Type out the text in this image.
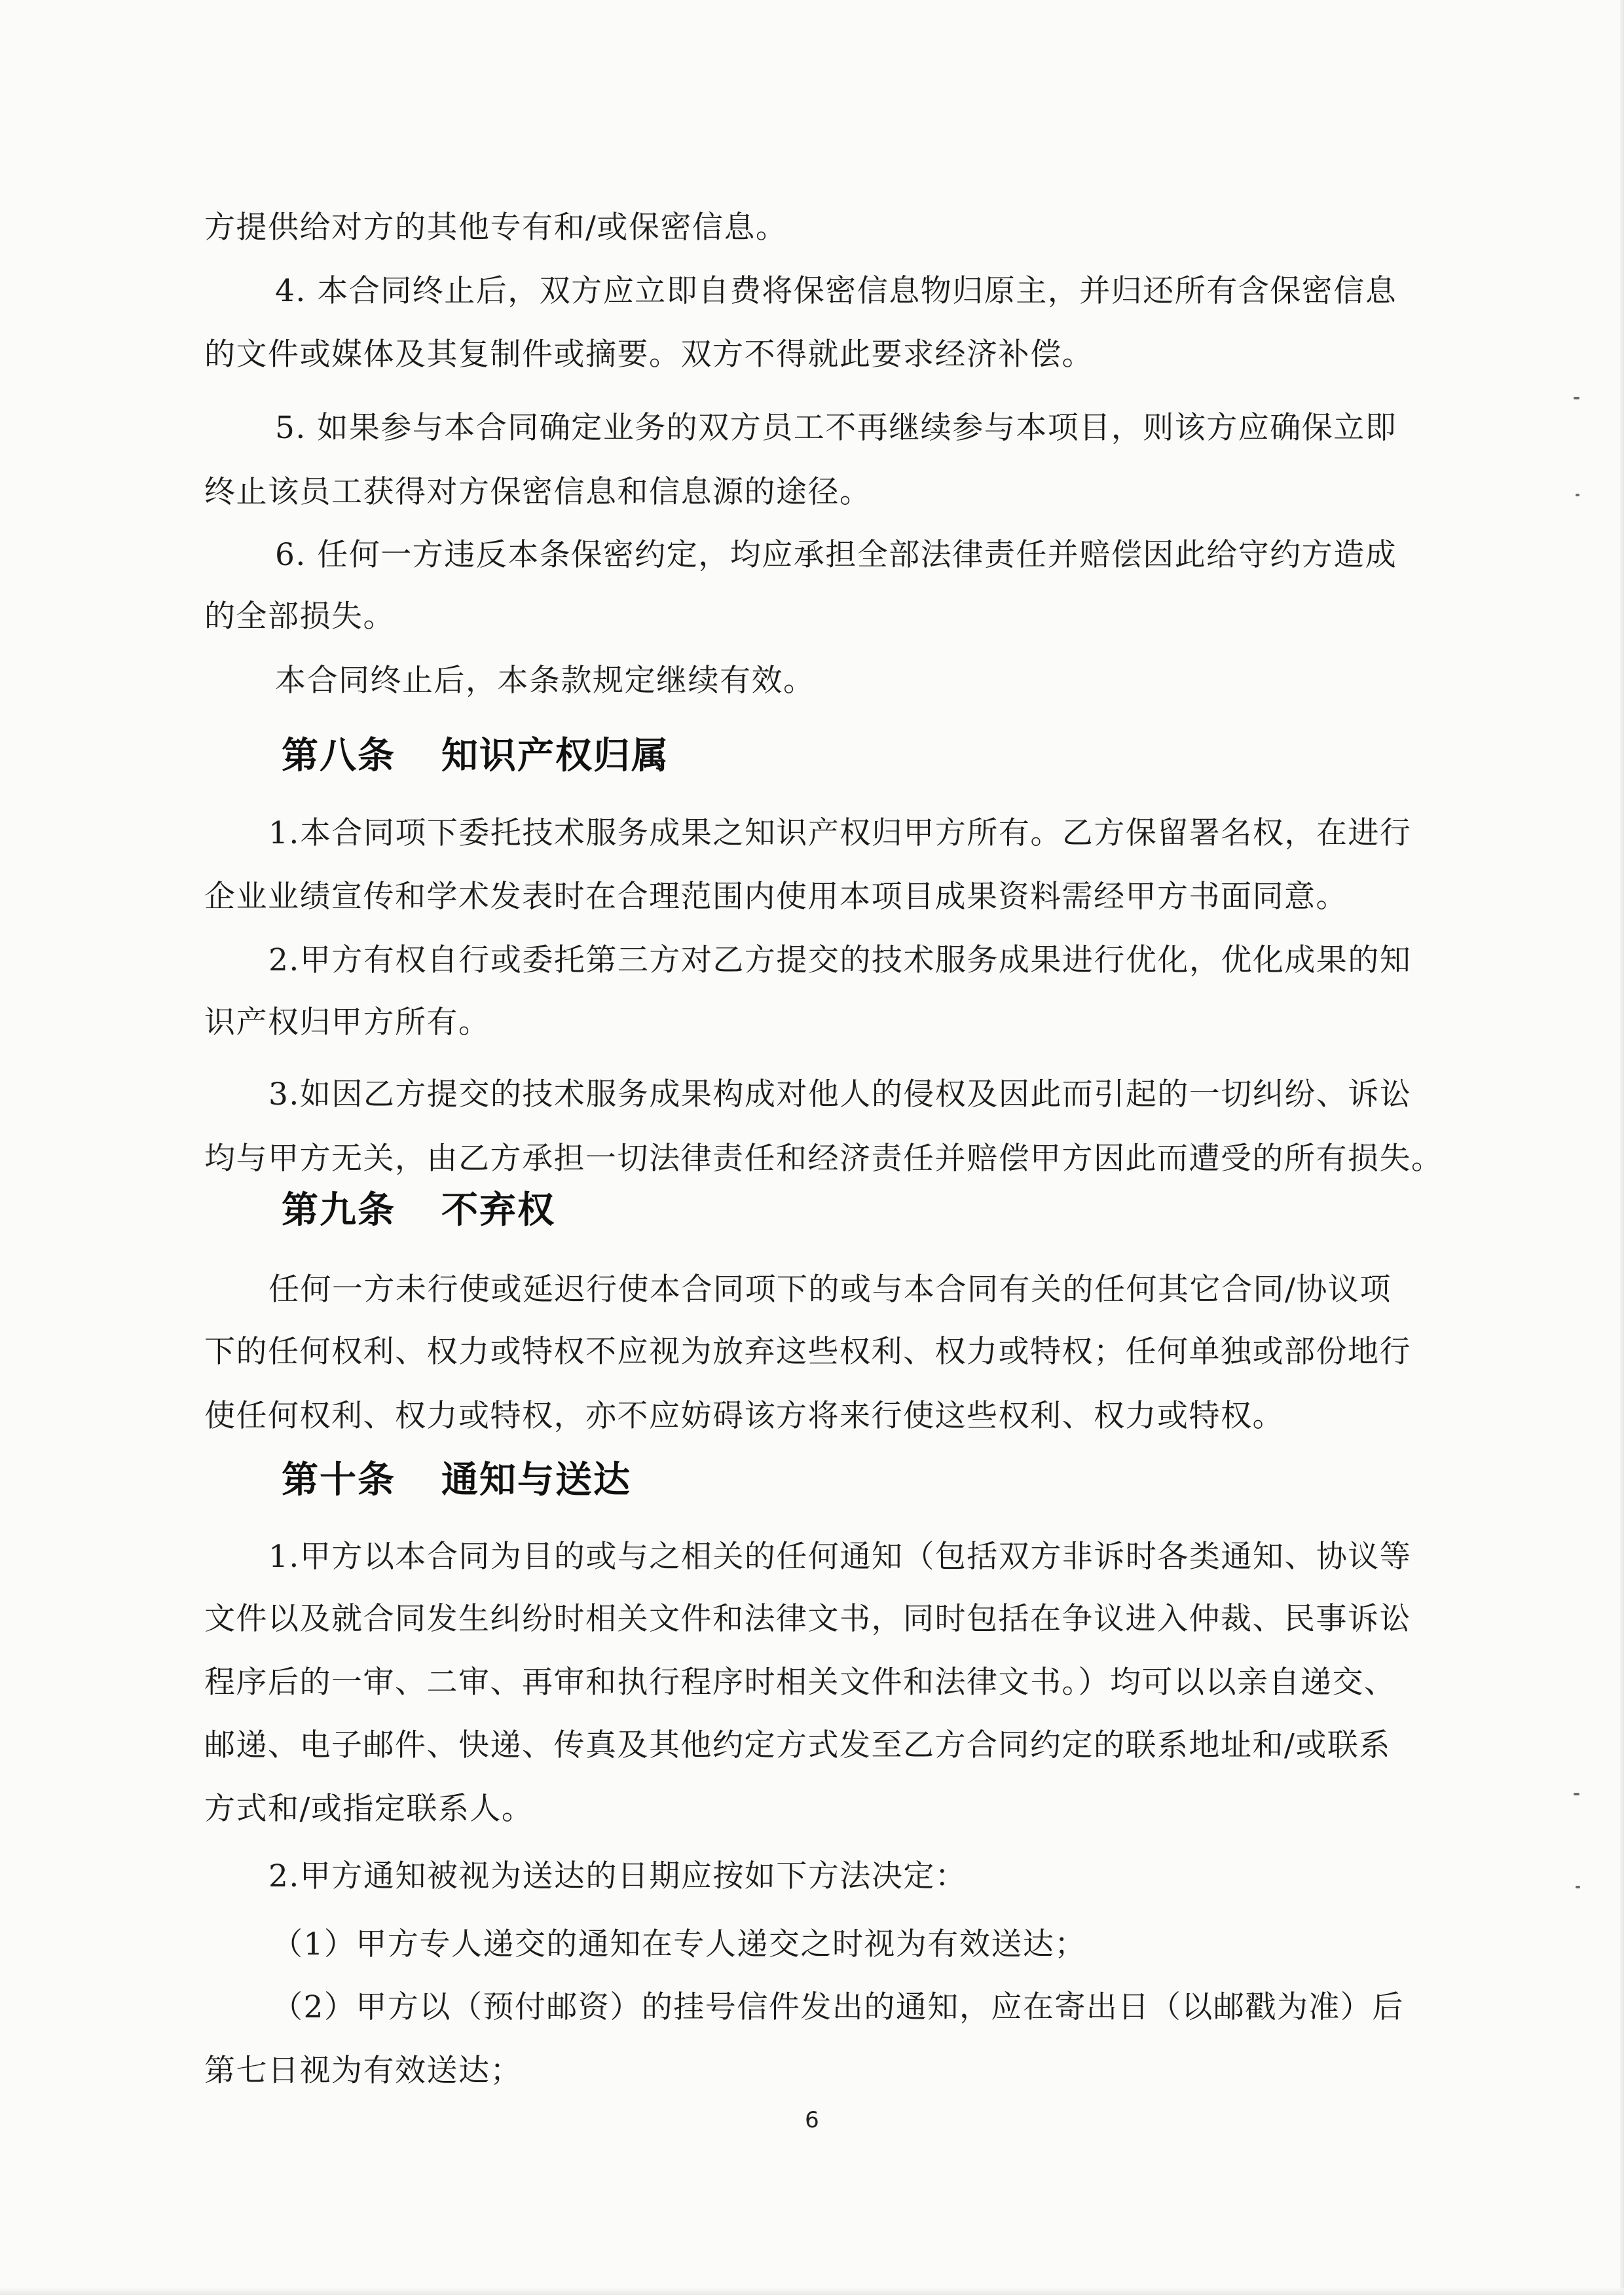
方提供给对方的其他专有和/或保密信息。

4. 本合同终止后，双方应立即自费将保密信息物归原主，并归还所有含保密信息

的文件或媒体及其复制件或摘要。双方不得就此要求经济补偿。

5. 如果参与本合同确定业务的双方员工不再继续参与本项目，则该方应确保立即

终止该员工获得对方保密信息和信息源的途径。

6. 任何一方违反本条保密约定，均应承担全部法律责任并赔偿因此给守约方造成

的全部损失。

本合同终止后，本条款规定继续有效。

第八条 知识产权归属

1.本合同项下委托技术服务成果之知识产权归甲方所有。乙方保留署名权，在进行

企业业绩宣传和学术发表时在合理范围内使用本项目成果资料需经甲方书面同意。

2.甲方有权自行或委托第三方对乙方提交的技术服务成果进行优化，优化成果的知

识产权归甲方所有。

3.如因乙方提交的技术服务成果构成对他人的侵权及因此而引起的一切纠纷、诉讼

均与甲方无关，由乙方承担一切法律责任和经济责任并赔偿甲方因此而遭受的所有损失。

第九条 不弃权

任何一方未行使或延迟行使本合同项下的或与本合同有关的任何其它合同/协议项

下的任何权利、权力或特权不应视为放弃这些权利、权力或特权；任何单独或部份地行

使任何权利、权力或特权，亦不应妨碍该方将来行使这些权利、权力或特权。

第十条 通知与送达

1.甲方以本合同为目的或与之相关的任何通知（包括双方非诉时各类通知、协议等

文件以及就合同发生纠纷时相关文件和法律文书，同时包括在争议进入仲裁、民事诉讼

程序后的一审、二审、再审和执行程序时相关文件和法律文书。）均可以以亲自递交、

邮递、电子邮件、快递、传真及其他约定方式发至乙方合同约定的联系地址和/或联系

方式和/或指定联系人。

2.甲方通知被视为送达的日期应按如下方法决定：

（1）甲方专人递交的通知在专人递交之时视为有效送达；

（2）甲方以（预付邮资）的挂号信件发出的通知，应在寄出日（以邮戳为准）后

第七日视为有效送达；

6
